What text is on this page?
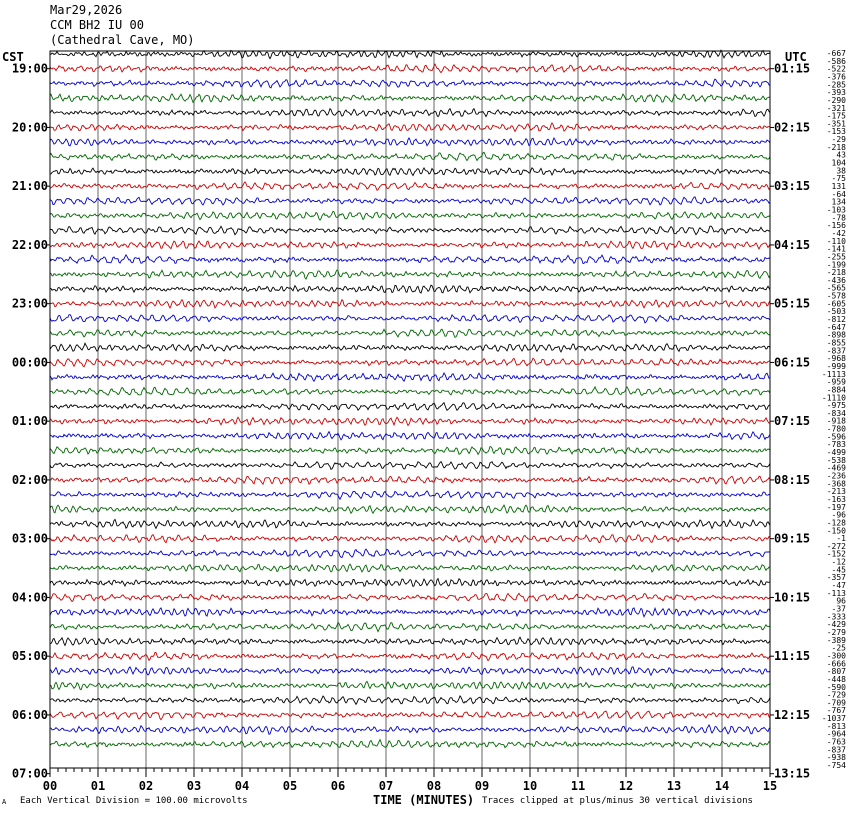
Mar29,2026
CCM BH2 IU 00
(Cathedral Cave, MO)
CST	UTC
19:00
20:00
21:00
22:00
23:00
00:00
01:00
02:00
03:00
04:00
05:00
06:00
07:00
01:15
02:15
03:15
04:15
05:15
06:15
07:15
08:15
09:15
10:15
11:15
12:15
13:15
-667
-586
-522
-376
-285
-393
-290
-321
-175
-351
-153
-29
-218
43
104
38
-75
131
-64
134
-103
-78
-156
-42
-110
-141
-255
-199
-218
-436
-565
-578
-605
-503
-812
-647
-898
-855
-837
-968
-999
-1113
-959
-884
-1110
-975
-834
-918
-780
-596
-783
-499
-538
-469
-236
-368
-213
-163
-197
-96
-128
-150
-1
-272
-152
-12
-45
-357
-47
-113
96
-37
-333
-429
-279
-389
-25
-300
-666
-807
-448
-590
-729
-709
-767
-1037
-813
-964
-763
-837
-938
-754
00	01	02	03	04	05	06	07	08	09	10	11	12	13	14	15
A Each Vertical Division = 100.00 microvolts	TIME (MINUTES) Traces clipped at plus/minus 30 vertical divisions
